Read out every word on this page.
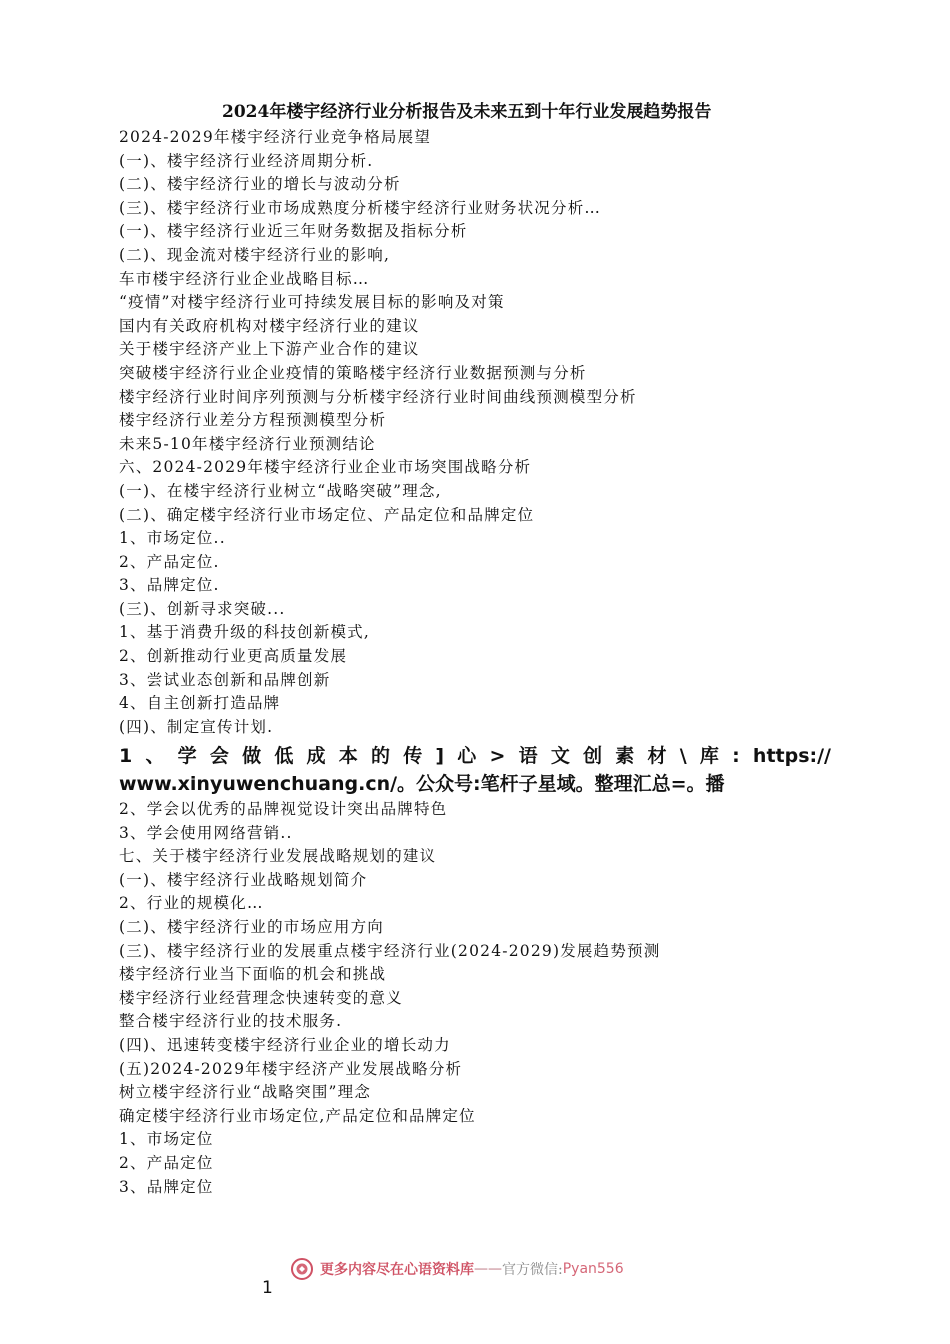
2024年楼宇经济行业分析报告及未来五到十年行业发展趋势报告
2024-2029年楼宇经济行业竞争格局展望
(一)、楼宇经济行业经济周期分析.
(二)、楼宇经济行业的增长与波动分析
(三)、楼宇经济行业市场成熟度分析楼宇经济行业财务状况分析…
(一)、楼宇经济行业近三年财务数据及指标分析
(二)、现金流对楼宇经济行业的影响,
车市楼宇经济行业企业战略目标…
“疫情”对楼宇经济行业可持续发展目标的影响及对策
国内有关政府机构对楼宇经济行业的建议
关于楼宇经济产业上下游产业合作的建议
突破楼宇经济行业企业疫情的策略楼宇经济行业数据预测与分析
楼宇经济行业时间序列预测与分析楼宇经济行业时间曲线预测模型分析
楼宇经济行业差分方程预测模型分析
未来5-10年楼宇经济行业预测结论
六、2024-2029年楼宇经济行业企业市场突围战略分析
(一)、在楼宇经济行业树立“战略突破”理念,
(二)、确定楼宇经济行业市场定位、产品定位和品牌定位
1、市场定位..
2、产品定位.
3、品牌定位.
(三)、创新寻求突破...
1、基于消费升级的科技创新模式,
2、创新推动行业更高质量发展
3、尝试业态创新和品牌创新
4、自主创新打造品牌
(四)、制定宣传计划.
1 、 学 会 做 低 成 本 的 传 ] 心 > 语 文 创 素 材 \ 库 : https://
www.xinyuwenchuang.cn/。公众号:笔杆子星域。整理汇总=。播
2、学会以优秀的品牌视觉设计突出品牌特色
3、学会使用网络营销..
七、关于楼宇经济行业发展战略规划的建议
(一)、楼宇经济行业战略规划简介
2、行业的规模化…
(二)、楼宇经济行业的市场应用方向
(三)、楼宇经济行业的发展重点楼宇经济行业(2024-2029)发展趋势预测
楼宇经济行业当下面临的机会和挑战
楼宇经济行业经营理念快速转变的意义
整合楼宇经济行业的技术服务.
(四)、迅速转变楼宇经济行业企业的增长动力
(五)2024-2029年楼宇经济产业发展战略分析
树立楼宇经济行业“战略突围”理念
确定楼宇经济行业市场定位,产品定位和品牌定位
1、市场定位
2、产品定位
3、品牌定位
更多内容尽在心语资料库 —— 官方微信: Pyan556
1
